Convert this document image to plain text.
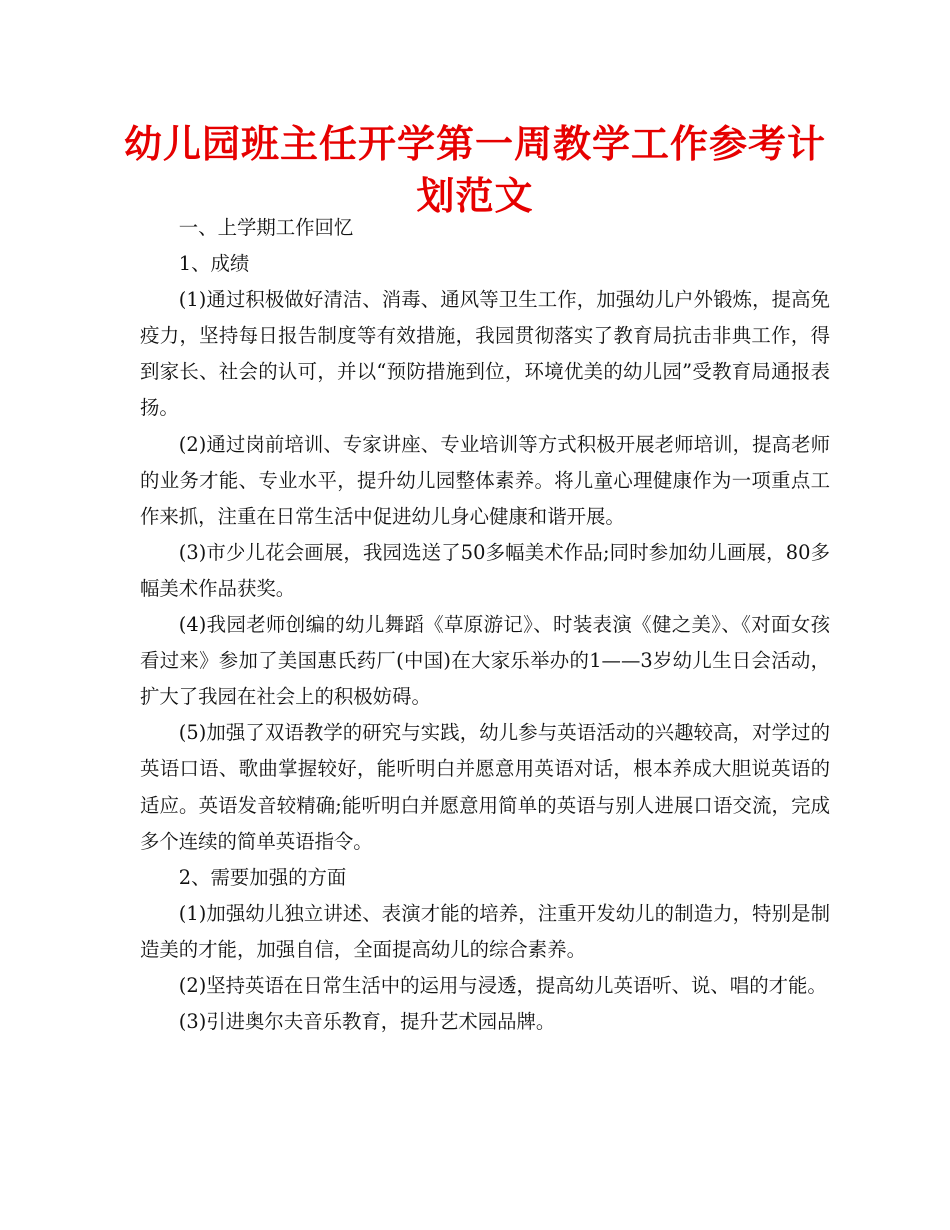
幼儿园班主任开学第一周教学工作参考计划范文

一、上学期工作回忆

1、成绩

(1)通过积极做好清洁、消毒、通风等卫生工作，加强幼儿户外锻炼，提高免疫力，坚持每日报告制度等有效措施，我园贯彻落实了教育局抗击非典工作，得到家长、社会的认可，并以“预防措施到位，环境优美的幼儿园”受教育局通报表扬。

(2)通过岗前培训、专家讲座、专业培训等方式积极开展老师培训，提高老师的业务才能、专业水平，提升幼儿园整体素养。将儿童心理健康作为一项重点工作来抓，注重在日常生活中促进幼儿身心健康和谐开展。

(3)市少儿花会画展，我园选送了50多幅美术作品;同时参加幼儿画展，80多幅美术作品获奖。

(4)我园老师创编的幼儿舞蹈《草原游记》、时装表演《健之美》、《对面女孩看过来》参加了美国惠氏药厂(中国)在大家乐举办的1——3岁幼儿生日会活动，扩大了我园在社会上的积极妨碍。

(5)加强了双语教学的研究与实践，幼儿参与英语活动的兴趣较高，对学过的英语口语、歌曲掌握较好，能听明白并愿意用英语对话，根本养成大胆说英语的适应。英语发音较精确;能听明白并愿意用简单的英语与别人进展口语交流，完成多个连续的简单英语指令。

2、需要加强的方面

(1)加强幼儿独立讲述、表演才能的培养，注重开发幼儿的制造力，特别是制造美的才能，加强自信，全面提高幼儿的综合素养。

(2)坚持英语在日常生活中的运用与浸透，提高幼儿英语听、说、唱的才能。

(3)引进奥尔夫音乐教育，提升艺术园品牌。
